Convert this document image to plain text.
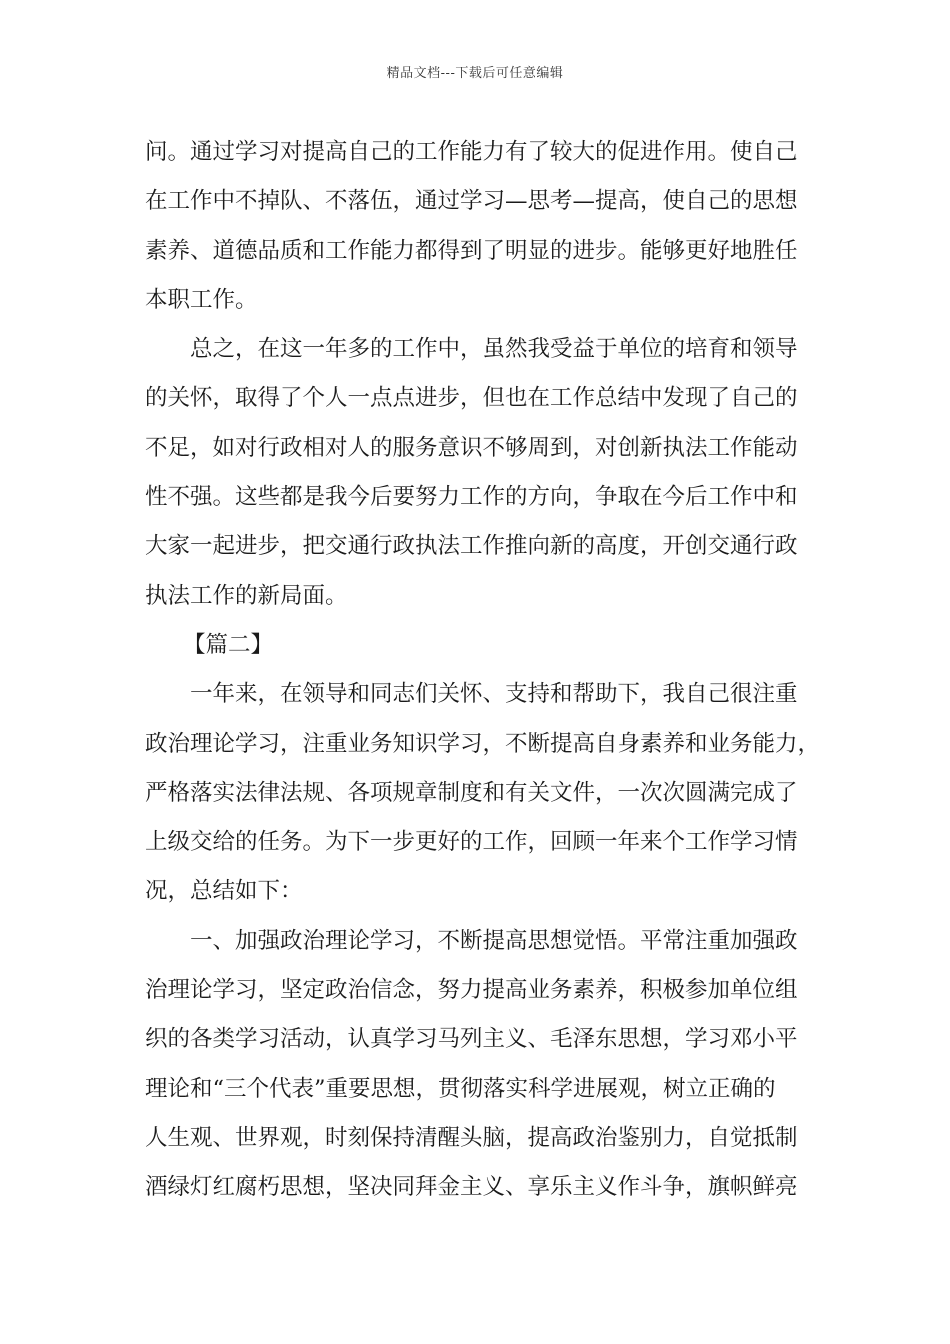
精品文档---下载后可任意编辑
问。通过学习对提高自己的工作能力有了较大的促进作用。使自己
在工作中不掉队、不落伍，通过学习—思考—提高，使自己的思想
素养、道德品质和工作能力都得到了明显的进步。能够更好地胜任
本职工作。
总之，在这一年多的工作中，虽然我受益于单位的培育和领导
的关怀，取得了个人一点点进步，但也在工作总结中发现了自己的
不足，如对行政相对人的服务意识不够周到，对创新执法工作能动
性不强。这些都是我今后要努力工作的方向，争取在今后工作中和
大家一起进步，把交通行政执法工作推向新的高度，开创交通行政
执法工作的新局面。
【篇二】
一年来，在领导和同志们关怀、支持和帮助下，我自己很注重
政治理论学习，注重业务知识学习，不断提高自身素养和业务能力，
严格落实法律法规、各项规章制度和有关文件，一次次圆满完成了
上级交给的任务。为下一步更好的工作，回顾一年来个工作学习情
况，总结如下：
一、加强政治理论学习，不断提高思想觉悟。平常注重加强政
治理论学习，坚定政治信念，努力提高业务素养，积极参加单位组
织的各类学习活动，认真学习马列主义、毛泽东思想，学习邓小平
理论和“三个代表”重要思想，贯彻落实科学进展观，树立正确的
人生观、世界观，时刻保持清醒头脑，提高政治鉴别力，自觉抵制
酒绿灯红腐朽思想，坚决同拜金主义、享乐主义作斗争，旗帜鲜亮
